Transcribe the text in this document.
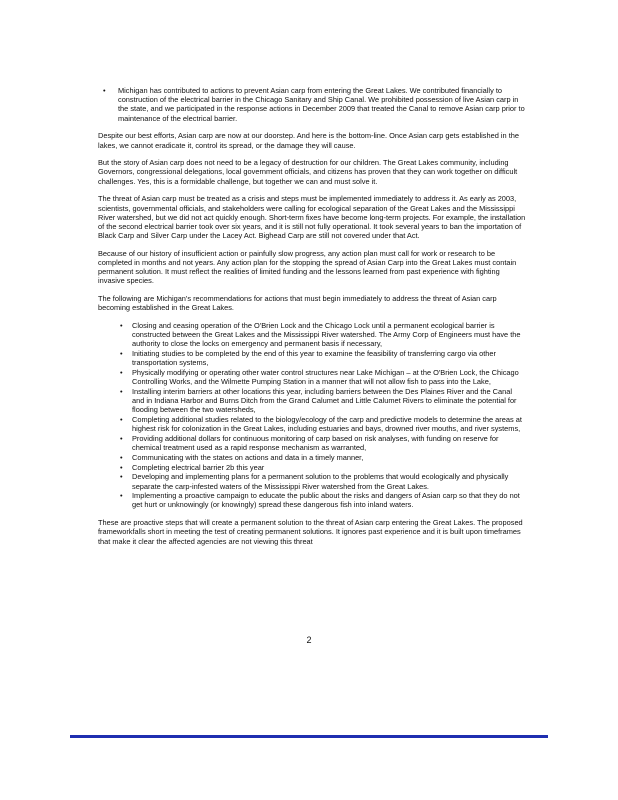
• Michigan has contributed to actions to prevent Asian carp from entering the Great Lakes. We contributed financially to construction of the electrical barrier in the Chicago Sanitary and Ship Canal. We prohibited possession of live Asian carp in the state, and we participated in the response actions in December 2009 that treated the Canal to remove Asian carp prior to maintenance of the electrical barrier.

Despite our best efforts, Asian carp are now at our doorstep. And here is the bottom-line. Once Asian carp gets established in the lakes, we cannot eradicate it, control its spread, or the damage they will cause.

But the story of Asian carp does not need to be a legacy of destruction for our children. The Great Lakes community, including Governors, congressional delegations, local government officials, and citizens has proven that they can work together on difficult challenges. Yes, this is a formidable challenge, but together we can and must solve it.

The threat of Asian carp must be treated as a crisis and steps must be implemented immediately to address it. As early as 2003, scientists, governmental officials, and stakeholders were calling for ecological separation of the Great Lakes and the Mississippi River watershed, but we did not act quickly enough. Short-term fixes have become long-term projects. For example, the installation of the second electrical barrier took over six years, and it is still not fully operational. It took several years to ban the importation of Black Carp and Silver Carp under the Lacey Act. Bighead Carp are still not covered under that Act.

Because of our history of insufficient action or painfully slow progress, any action plan must call for work or research to be completed in months and not years. Any action plan for the stopping the spread of Asian Carp into the Great Lakes must contain permanent solution. It must reflect the realities of limited funding and the lessons learned from past experience with fighting invasive species.

The following are Michigan's recommendations for actions that must begin immediately to address the threat of Asian carp becoming established in the Great Lakes.

• Closing and ceasing operation of the O'Brien Lock and the Chicago Lock until a permanent ecological barrier is constructed between the Great Lakes and the Mississippi River watershed. The Army Corp of Engineers must have the authority to close the locks on emergency and permanent basis if necessary,
• Initiating studies to be completed by the end of this year to examine the feasibility of transferring cargo via other transportation systems,
• Physically modifying or operating other water control structures near Lake Michigan – at the O'Brien Lock, the Chicago Controlling Works, and the Wilmette Pumping Station in a manner that will not allow fish to pass into the Lake,
• Installing interim barriers at other locations this year, including barriers between the Des Plaines River and the Canal and in Indiana Harbor and Burns Ditch from the Grand Calumet and Little Calumet Rivers to eliminate the potential for flooding between the two watersheds,
• Completing additional studies related to the biology/ecology of the carp and predictive models to determine the areas at highest risk for colonization in the Great Lakes, including estuaries and bays, drowned river mouths, and river systems,
• Providing additional dollars for continuous monitoring of carp based on risk analyses, with funding on reserve for chemical treatment used as a rapid response mechanism as warranted,
• Communicating with the states on actions and data in a timely manner,
• Completing electrical barrier 2b this year
• Developing and implementing plans for a permanent solution to the problems that would ecologically and physically separate the carp-infested waters of the Mississippi River watershed from the Great Lakes.
• Implementing a proactive campaign to educate the public about the risks and dangers of Asian carp so that they do not get hurt or unknowingly (or knowingly) spread these dangerous fish into inland waters.

These are proactive steps that will create a permanent solution to the threat of Asian carp entering the Great Lakes. The proposed frameworkfalls short in meeting the test of creating permanent solutions. It ignores past experience and it is built upon timeframes that make it clear the affected agencies are not viewing this threat

2
